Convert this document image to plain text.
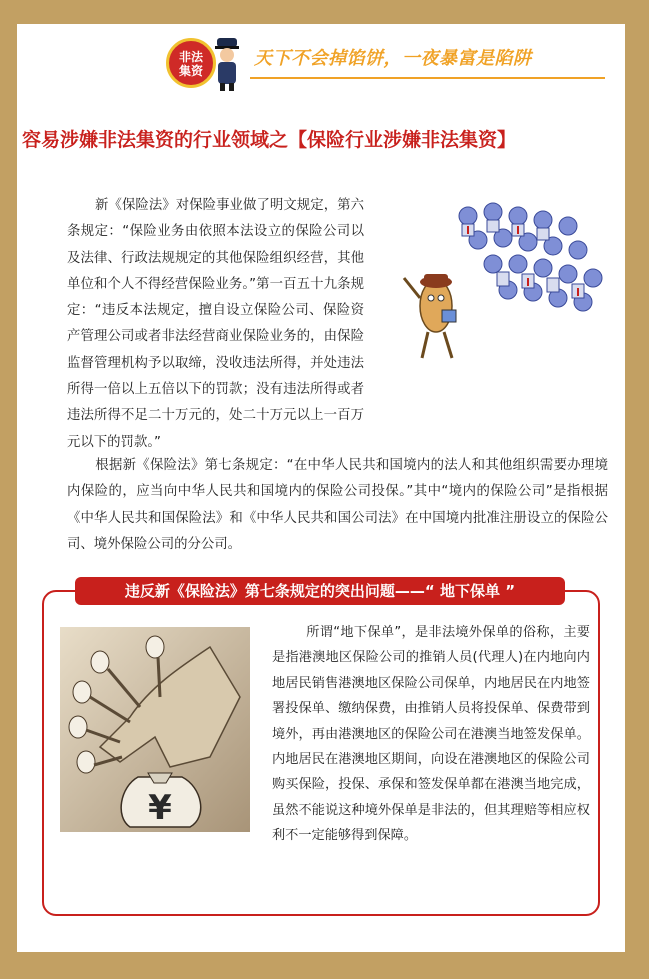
非法集资
天下不会掉馅饼，一夜暴富是陷阱
容易涉嫌非法集资的行业领域之【保险行业涉嫌非法集资】

新《保险法》对保险事业做了明文规定，第六条规定：“保险业务由依照本法设立的保险公司以及法律、行政法规规定的其他保险组织经营，其他单位和个人不得经营保险业务。”第一百五十九条规定：“违反本法规定，擅自设立保险公司、保险资产管理公司或者非法经营商业保险业务的，由保险监督管理机构予以取缔，没收违法所得，并处违法所得一倍以上五倍以下的罚款；没有违法所得或者违法所得不足二十万元的，处二十万元以上一百万元以下的罚款。”

根据新《保险法》第七条规定：“在中华人民共和国境内的法人和其他组织需要办理境内保险的，应当向中华人民共和国境内的保险公司投保。”其中“境内的保险公司”是指根据《中华人民共和国保险法》和《中华人民共和国公司法》在中国境内批准注册设立的保险公司、境外保险公司的分公司。

违反新《保险法》第七条规定的突出问题——“ 地下保单 ”
¥

所谓“地下保单”，是非法境外保单的俗称，主要是指港澳地区保险公司的推销人员(代理人)在内地向内地居民销售港澳地区保险公司保单，内地居民在内地签署投保单、缴纳保费，由推销人员将投保单、保费带到境外，再由港澳地区的保险公司在港澳当地签发保单。内地居民在港澳地区期间，向设在港澳地区的保险公司购买保险，投保、承保和签发保单都在港澳当地完成，虽然不能说这种境外保单是非法的，但其理赔等相应权利不一定能够得到保障。
